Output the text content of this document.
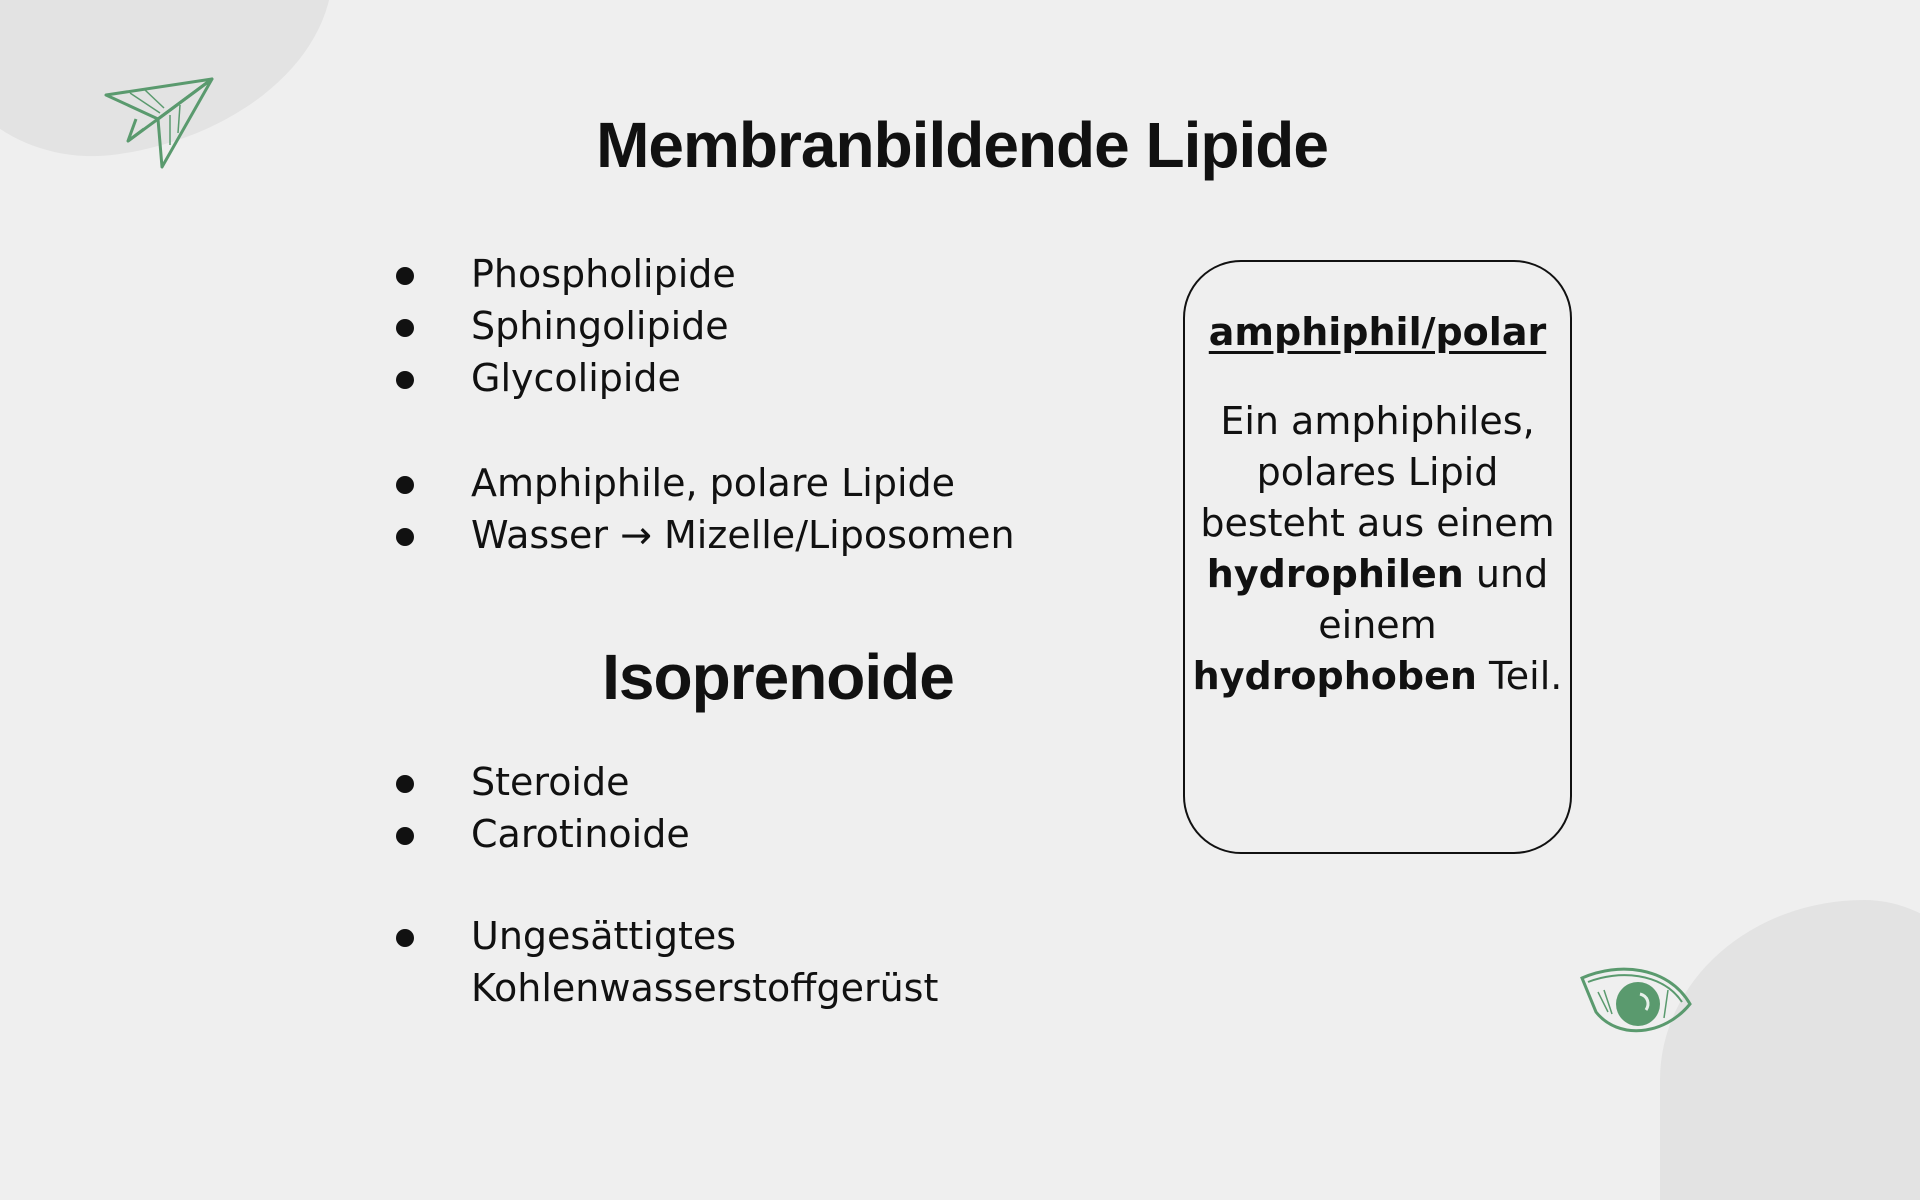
Membranbildende Lipide
Phospholipide
Sphingolipide
Glycolipide
Amphiphile, polare Lipide
Wasser → Mizelle/Liposomen
Isoprenoide
Steroide
Carotinoide
Ungesättigtes Kohlenwasserstoffgerüst
amphiphil/polar
Ein amphiphiles, polares Lipid besteht aus einem hydrophilen und einem hydrophoben Teil.
